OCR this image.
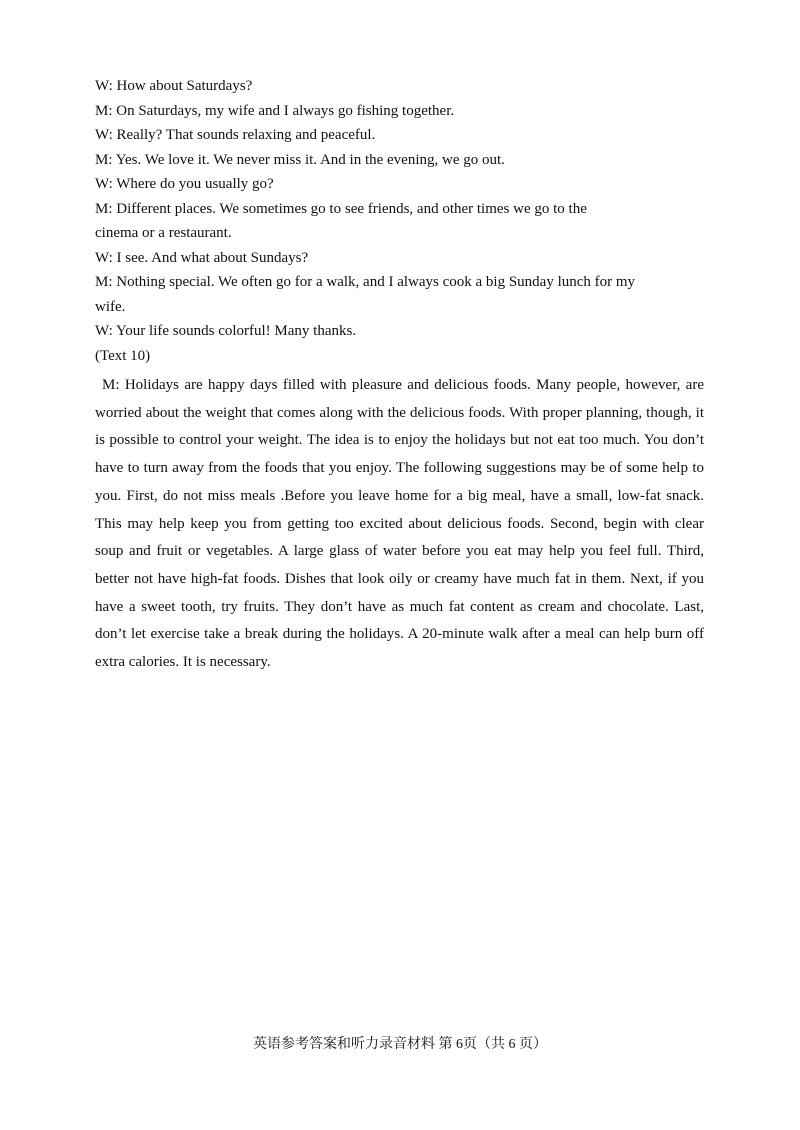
W: How about Saturdays?
M: On Saturdays, my wife and I always go fishing together.
W: Really? That sounds relaxing and peaceful.
M: Yes. We love it. We never miss it. And in the evening, we go out.
W: Where do you usually go?
M: Different places. We sometimes go to see friends, and other times we go to the
cinema or a restaurant.
W: I see. And what about Sundays?
M: Nothing special. We often go for a walk, and I always cook a big Sunday lunch for my
wife.
W: Your life sounds colorful! Many thanks.
(Text 10)

M: Holidays are happy days filled with pleasure and delicious foods. Many people, however, are worried about the weight that comes along with the delicious foods. With proper planning, though, it is possible to control your weight. The idea is to enjoy the holidays but not eat too much. You don’t have to turn away from the foods that you enjoy. The following suggestions may be of some help to you. First, do not miss meals .Before you leave home for a big meal, have a small, low-fat snack. This may help keep you from getting too excited about delicious foods. Second, begin with clear soup and fruit or vegetables. A large glass of water before you eat may help you feel full. Third, better not have high-fat foods. Dishes that look oily or creamy have much fat in them. Next, if you have a sweet tooth, try fruits. They don’t have as much fat content as cream and chocolate. Last, don’t let exercise take a break during the holidays. A 20-minute walk after a meal can help burn off extra calories. It is necessary.

英语参考答案和听力录音材料 第 6页（共 6 页）
